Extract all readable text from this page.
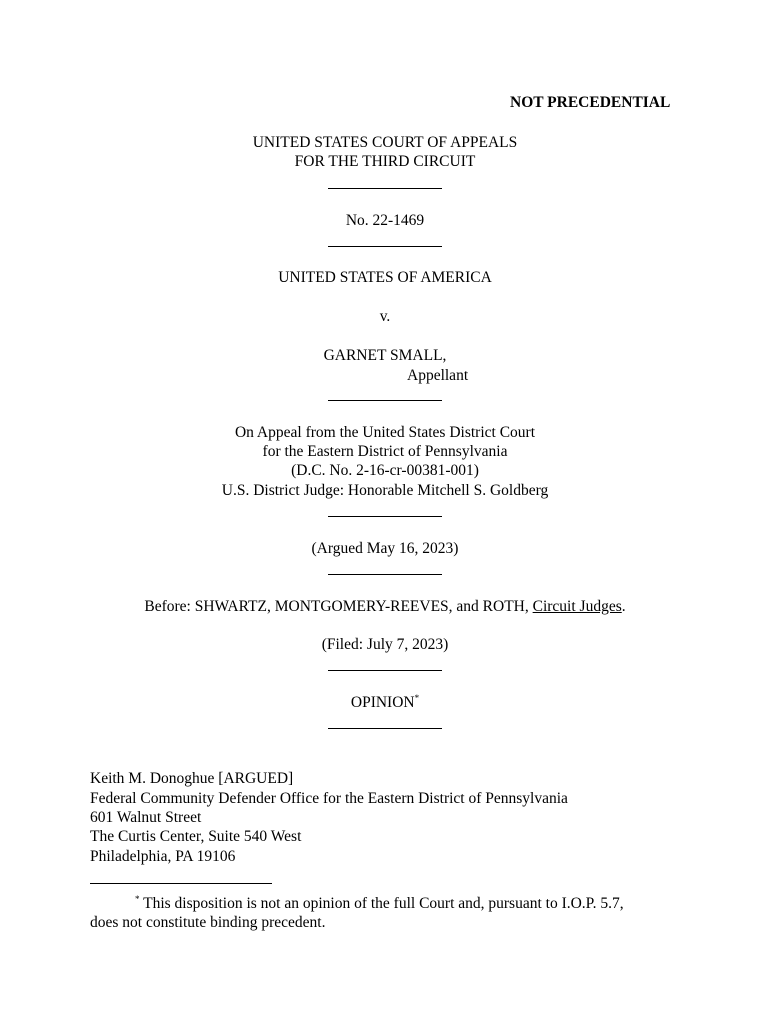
NOT PRECEDENTIAL
UNITED STATES COURT OF APPEALS
FOR THE THIRD CIRCUIT
No. 22-1469
UNITED STATES OF AMERICA
v.
GARNET SMALL,
Appellant
On Appeal from the United States District Court
for the Eastern District of Pennsylvania
(D.C. No. 2-16-cr-00381-001)
U.S. District Judge: Honorable Mitchell S. Goldberg
(Argued May 16, 2023)
Before: SHWARTZ, MONTGOMERY-REEVES, and ROTH, Circuit Judges.
(Filed: July 7, 2023)
OPINION*
Keith M. Donoghue [ARGUED]
Federal Community Defender Office for the Eastern District of Pennsylvania
601 Walnut Street
The Curtis Center, Suite 540 West
Philadelphia, PA 19106
* This disposition is not an opinion of the full Court and, pursuant to I.O.P. 5.7,
does not constitute binding precedent.
